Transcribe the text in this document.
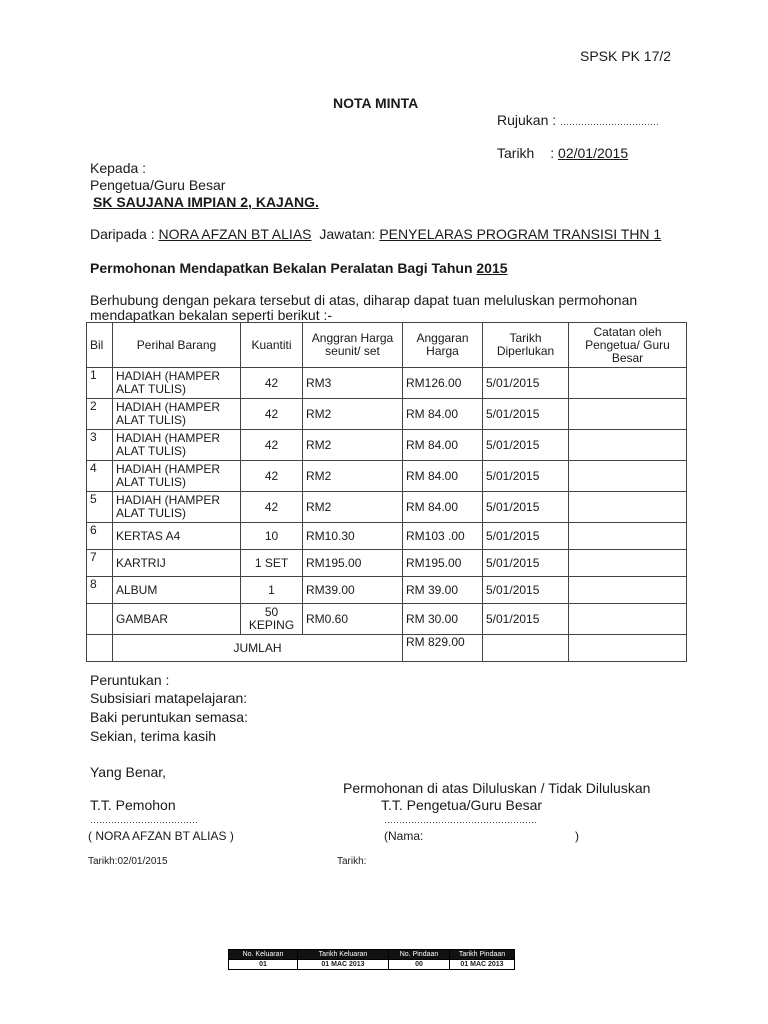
SPSK PK 17/2
NOTA MINTA
Rujukan : ……………………………
Tarikh : 02/01/2015
Kepada :
Pengetua/Guru Besar
SK SAUJANA IMPIAN 2, KAJANG.
Daripada : NORA AFZAN BT ALIAS Jawatan: PENYELARAS PROGRAM TRANSISI THN 1
Permohonan Mendapatkan Bekalan Peralatan Bagi Tahun 2015
Berhubung dengan pekara tersebut di atas, diharap dapat tuan meluluskan permohonan
mendapatkan bekalan seperti berikut :-
Bil	Perihal Barang	Kuantiti	Anggran Harga seunit/ set	Anggaran Harga	Tarikh Diperlukan	Catatan oleh Pengetua/ Guru Besar
1	HADIAH (HAMPER ALAT TULIS)	42	RM3	RM126.00	5/01/2015	
2	HADIAH (HAMPER ALAT TULIS)	42	RM2	RM 84.00	5/01/2015	
3	HADIAH (HAMPER ALAT TULIS)	42	RM2	RM 84.00	5/01/2015	
4	HADIAH (HAMPER ALAT TULIS)	42	RM2	RM 84.00	5/01/2015	
5	HADIAH (HAMPER ALAT TULIS)	42	RM2	RM 84.00	5/01/2015	
6	KERTAS A4	10	RM10.30	RM103 .00	5/01/2015	
7	KARTRIJ	1 SET	RM195.00	RM195.00	5/01/2015	
8	ALBUM	1	RM39.00	RM 39.00	5/01/2015	
	GAMBAR	50 KEPING	RM0.60	RM 30.00	5/01/2015	
	JUMLAH			RM 829.00		
Peruntukan :
Subsisiari matapelajaran:
Baki peruntukan semasa:
Sekian, terima kasih
Yang Benar,
Permohonan di atas Diluluskan / Tidak Diluluskan
T.T. Pemohon	T.T. Pengetua/Guru Besar
………………………………	……………………………………………
( NORA AFZAN BT ALIAS )	(Nama:	)
Tarikh:02/01/2015	Tarikh:
No. Keluaran	Tarikh Keluaran	No. Pindaan	Tarikh Pindaan
01	01 MAC 2013	00	01 MAC 2013
